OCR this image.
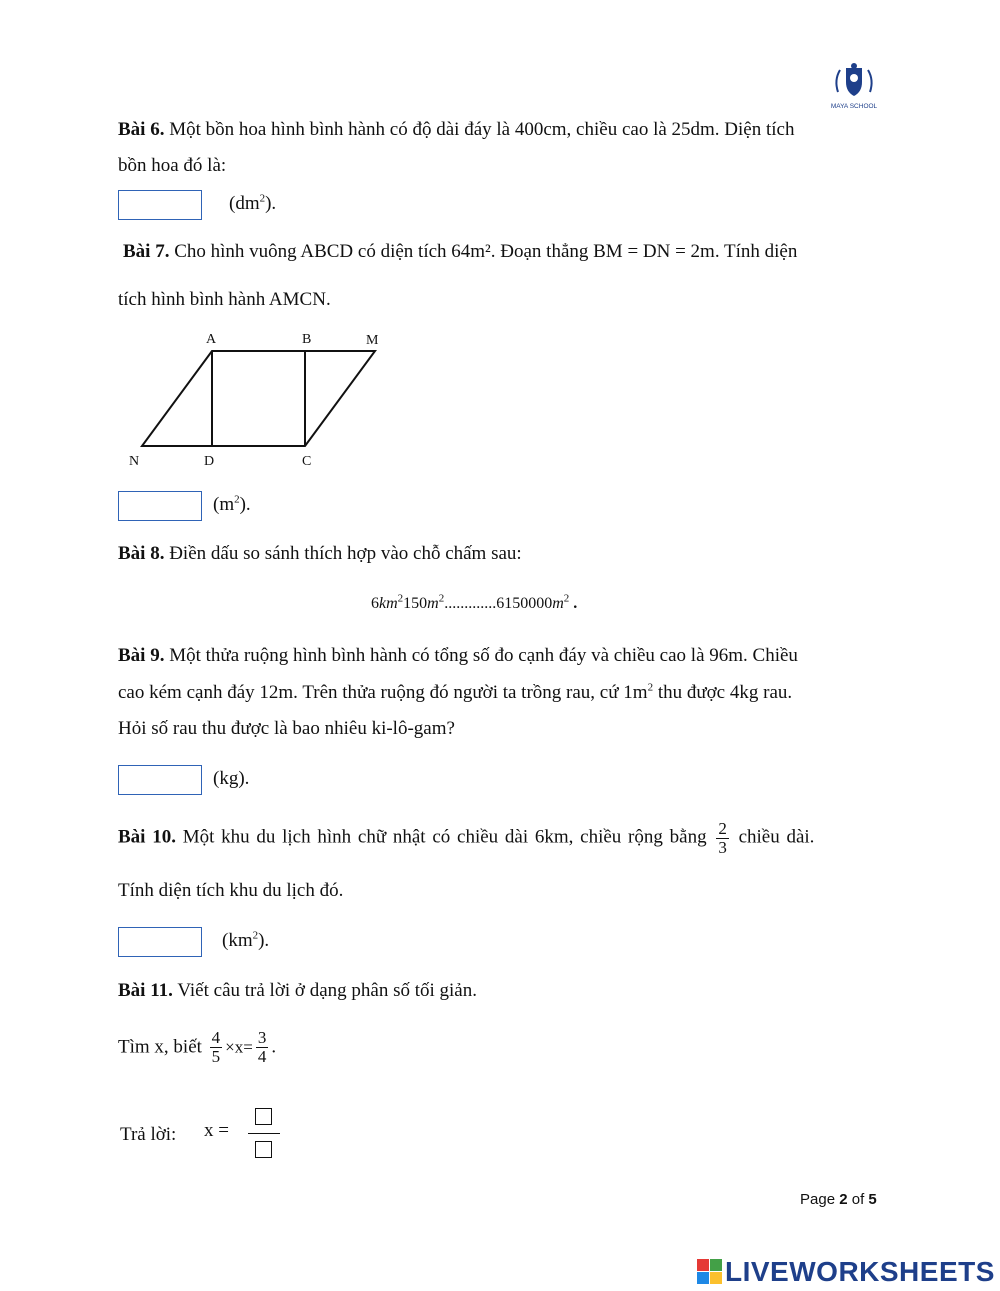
MAYA SCHOOL
Bài 6. Một bồn hoa hình bình hành có độ dài đáy là 400cm, chiều cao là 25dm. Diện tích
bồn hoa đó là:
$(dm^2)$.
Bài 7. Cho hình vuông ABCD có diện tích 64m². Đoạn thẳng BM = DN = 2m. Tính diện
tích hình bình hành AMCN.
A	B	M
N	D	C
$(m^2)$.
Bài 8. Điền dấu so sánh thích hợp vào chỗ chấm sau:
$6km^2150m^2.............6150000m^2$ .
Bài 9. Một thửa ruộng hình bình hành có tổng số đo cạnh đáy và chiều cao là 96m. Chiều
cao kém cạnh đáy 12m. Trên thửa ruộng đó người ta trồng rau, cứ $1m^2$ thu được 4kg rau.
Hỏi số rau thu được là bao nhiêu ki-lô-gam?
(kg).
Bài 10. Một khu du lịch hình chữ nhật có chiều dài 6km, chiều rộng bằng $\frac{2}{3}$ chiều dài.
Tính diện tích khu du lịch đó.
$(km^2)$.
Bài 11. Viết câu trả lời ở dạng phân số tối giản.
Tìm x, biết $\frac{4}{5} \times x= \frac{3}{4}$ .
Trả lời: x =
Page 2 of 5
LIVEWORKSHEETS
